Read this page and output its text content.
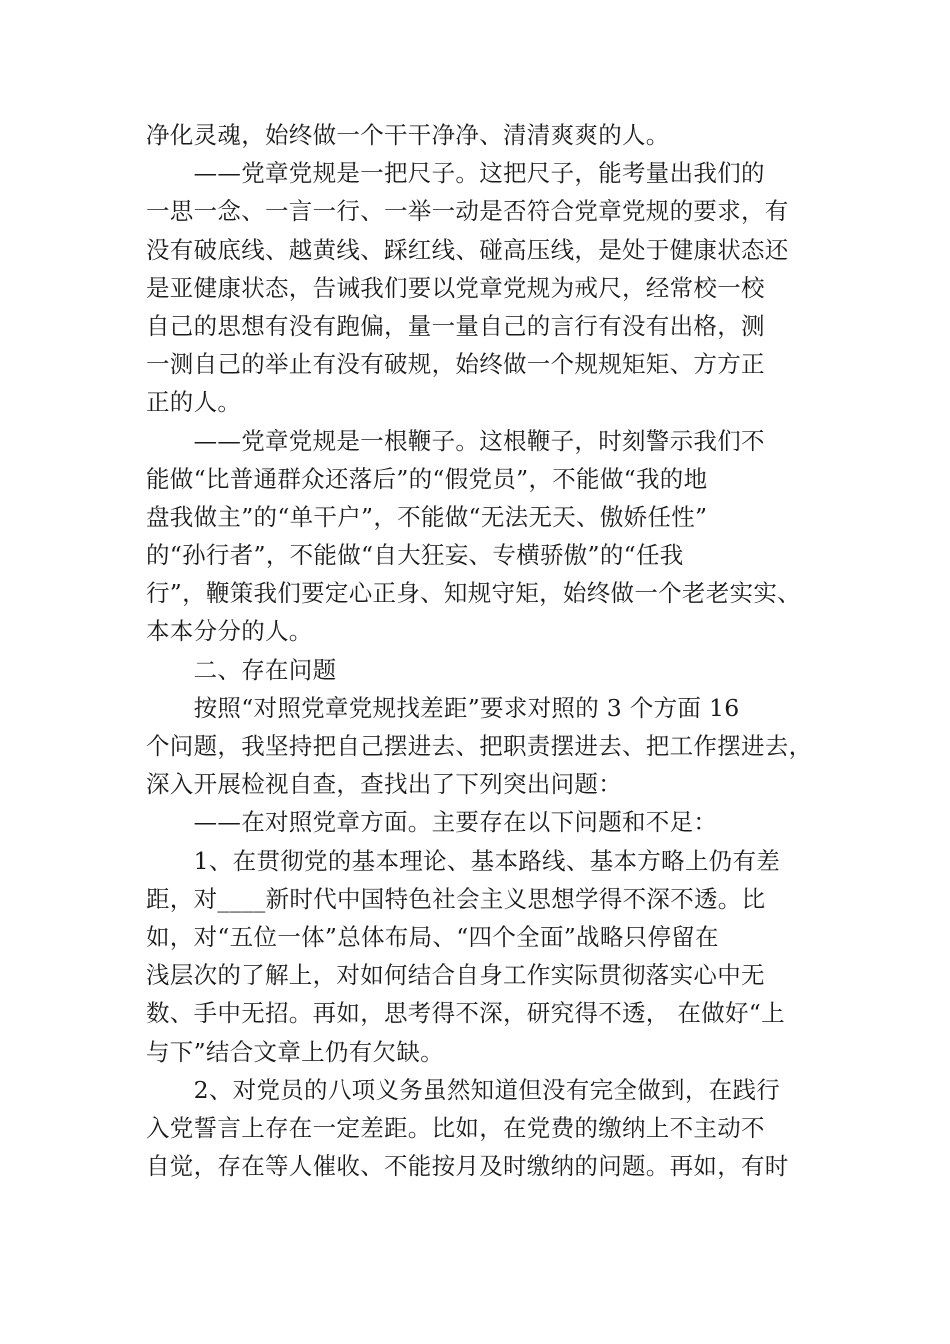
净化灵魂，始终做一个干干净净、清清爽爽的人。
　　——党章党规是一把尺子。这把尺子，能考量出我们的
一思一念、一言一行、一举一动是否符合党章党规的要求，有
没有破底线、越黄线、踩红线、碰高压线，是处于健康状态还
是亚健康状态，告诫我们要以党章党规为戒尺，经常校一校
自己的思想有没有跑偏，量一量自己的言行有没有出格，测
一测自己的举止有没有破规，始终做一个规规矩矩、方方正
正的人。
　　——党章党规是一根鞭子。这根鞭子，时刻警示我们不
能做“比普通群众还落后”的“假党员”，不能做“我的地
盘我做主”的“单干户”，不能做“无法无天、傲娇任性”
的“孙行者”，不能做“自大狂妄、专横骄傲”的“任我
行”，鞭策我们要定心正身、知规守矩，始终做一个老老实实、
本本分分的人。
　　二、存在问题
　　按照“对照党章党规找差距”要求对照的 3 个方面 16
个问题，我坚持把自己摆进去、把职责摆进去、把工作摆进去，
深入开展检视自查，查找出了下列突出问题：
　　——在对照党章方面。主要存在以下问题和不足：
　　1、在贯彻党的基本理论、基本路线、基本方略上仍有差
距，对____新时代中国特色社会主义思想学得不深不透。比
如，对“五位一体”总体布局、“四个全面”战略只停留在
浅层次的了解上，对如何结合自身工作实际贯彻落实心中无
数、手中无招。再如，思考得不深，研究得不透， 在做好“上
与下”结合文章上仍有欠缺。
　　2、对党员的八项义务虽然知道但没有完全做到，在践行
入党誓言上存在一定差距。比如，在党费的缴纳上不主动不
自觉，存在等人催收、不能按月及时缴纳的问题。再如，有时
